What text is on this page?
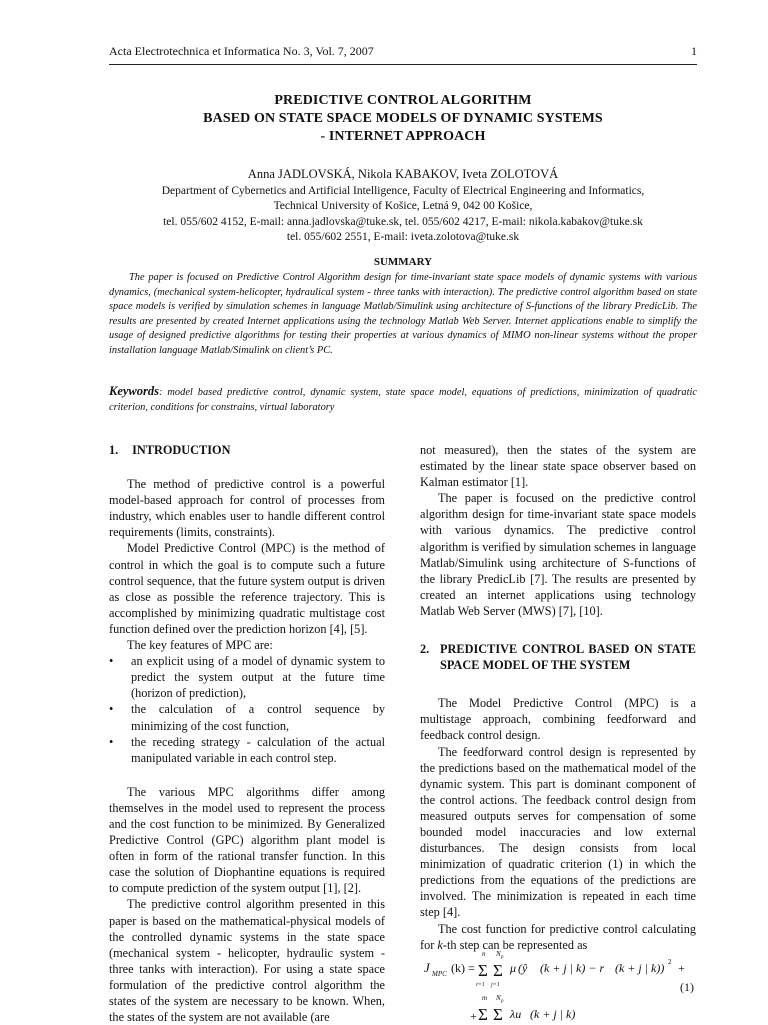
Acta Electrotechnica et Informatica No. 3, Vol. 7, 2007	1
PREDICTIVE CONTROL ALGORITHM
BASED ON STATE SPACE MODELS OF DYNAMIC SYSTEMS
- INTERNET APPROACH
Anna JADLOVSKÁ, Nikola KABAKOV, Iveta ZOLOTOVÁ
Department of Cybernetics and Artificial Intelligence, Faculty of Electrical Engineering and Informatics,
Technical University of Košice, Letná 9, 042 00 Košice,
tel. 055/602 4152, E-mail: anna.jadlovska@tuke.sk, tel. 055/602 4217, E-mail: nikola.kabakov@tuke.sk
tel. 055/602 2551, E-mail: iveta.zolotova@tuke.sk
SUMMARY
The paper is focused on Predictive Control Algorithm design for time-invariant state space models of dynamic systems with various dynamics, (mechanical system-helicopter, hydraulical system - three tanks with interaction). The predictive control algorithm based on state space models is verified by simulation schemes in language Matlab/Simulink using architecture of S-functions of the library PredicLib. The results are presented by created Internet applications using the technology Matlab Web Server. Internet applications enable to simplify the usage of designed predictive algorithms for testing their properties at various dynamics of MIMO non-linear systems without the proper installation language Matlab/Simulink on client’s PC.
Keywords: model based predictive control, dynamic system, state space model, equations of predictions, minimization of quadratic criterion, conditions for constrains, virtual laboratory
1. INTRODUCTION

The method of predictive control is a powerful model-based approach for control of processes from industry, which enables user to handle different control requirements (limits, constraints).

Model Predictive Control (MPC) is the method of control in which the goal is to compute such a future control sequence, that the future system output is driven as close as possible the reference trajectory. This is accomplished by minimizing quadratic multistage cost function defined over the prediction horizon [4], [5].

The key features of MPC are:

• an explicit using of a model of dynamic system to predict the system output at the future time (horizon of prediction),
• the calculation of a control sequence by minimizing of the cost function,
• the receding strategy - calculation of the actual manipulated variable in each control step.

The various MPC algorithms differ among themselves in the model used to represent the process and the cost function to be minimized. By Generalized Predictive Control (GPC) algorithm plant model is often in form of the rational transfer function. In this case the solution of Diophantine equations is required to compute prediction of the system output [1], [2].

The predictive control algorithm presented in this paper is based on the mathematical-physical models of the controlled dynamic systems in the state space (mechanical system - helicopter, hydraulic system - three tanks with interaction). For using a state space formulation of the predictive control algorithm the states of the system are necessary to be known. When, the states of the system are not available (are

not measured), then the states of the system are estimated by the linear state space observer based on Kalman estimator [1].

The paper is focused on the predictive control algorithm design for time-invariant state space models with various dynamics. The predictive control algorithm is verified by simulation schemes in language Matlab/Simulink using architecture of S-functions of the library PredicLib [7]. The results are presented by created an internet applications using technology Matlab Web Server (MWS) [7], [10].

2. PREDICTIVE CONTROL BASED ON STATE SPACE MODEL OF THE SYSTEM

The Model Predictive Control (MPC) is a multistage approach, combining feedforward and feedback control design.

The feedforward control design is represented by the predictions based on the mathematical model of the dynamic system. This part is dominant component of the control actions. The feedback control design from measured outputs serves for compensation of some bounded model inaccuracies and low external disturbances. The design consists from local minimization of quadratic criterion (1) in which the predictions from the equations of the predictions are involved. The minimization is repeated in each time step [4].

The cost function for predictive control calculating for k-th step can be represented as

J MPC (k) =
n
Σ
i=1
N p
Σ
j=1
μ (ŷ (k + j | k) − r (k + j | k)) 2 +
m
+ Σ
N p
Σ λu (k + j | k)
(1)
